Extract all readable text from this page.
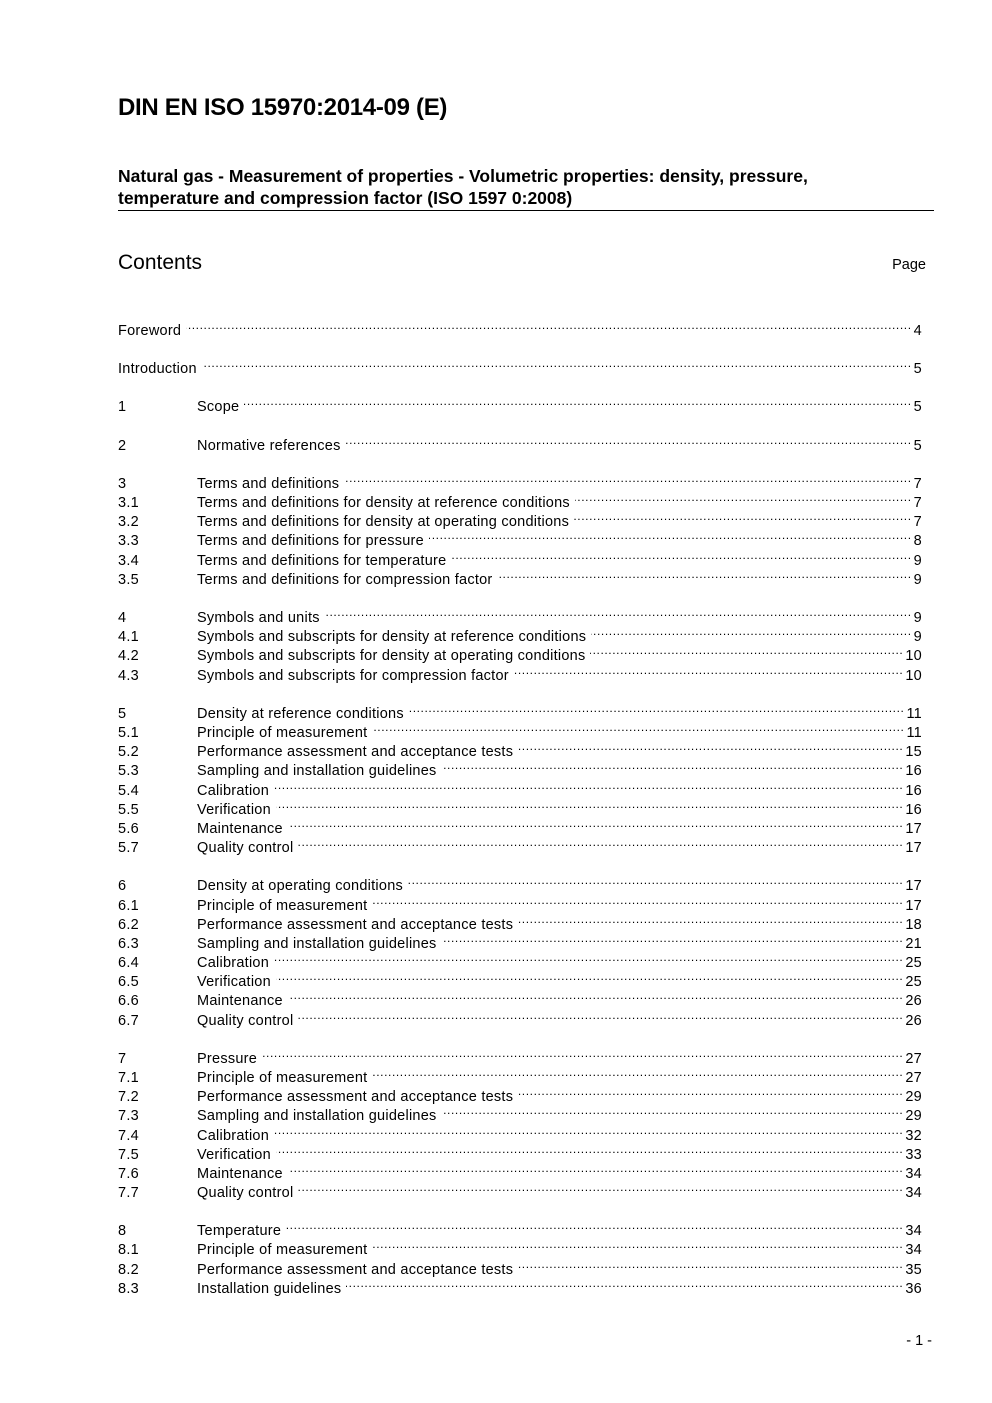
DIN EN ISO 15970:2014-09 (E)
Natural gas - Measurement of properties - Volumetric properties: density, pressure,
temperature and compression factor (ISO 1597 0:2008)
Contents	Page
Foreword .....	4
Introduction .....	5
1	Scope .....	5
2	Normative references .....	5
3	Terms and definitions .....	7
3.1	Terms and definitions for density at reference conditions .....	7
3.2	Terms and definitions for density at operating conditions .....	7
3.3	Terms and definitions for pressure .....	8
3.4	Terms and definitions for temperature .....	9
3.5	Terms and definitions for compression factor .....	9
4	Symbols and units .....	9
4.1	Symbols and subscripts for density at reference conditions .....	9
4.2	Symbols and subscripts for density at operating conditions .....	10
4.3	Symbols and subscripts for compression factor .....	10
5	Density at reference conditions .....	11
5.1	Principle of measurement .....	11
5.2	Performance assessment and acceptance tests .....	15
5.3	Sampling and installation guidelines .....	16
5.4	Calibration .....	16
5.5	Verification .....	16
5.6	Maintenance .....	17
5.7	Quality control .....	17
6	Density at operating conditions .....	17
6.1	Principle of measurement .....	17
6.2	Performance assessment and acceptance tests .....	18
6.3	Sampling and installation guidelines .....	21
6.4	Calibration .....	25
6.5	Verification .....	25
6.6	Maintenance .....	26
6.7	Quality control .....	26
7	Pressure .....	27
7.1	Principle of measurement .....	27
7.2	Performance assessment and acceptance tests .....	29
7.3	Sampling and installation guidelines .....	29
7.4	Calibration .....	32
7.5	Verification .....	33
7.6	Maintenance .....	34
7.7	Quality control .....	34
8	Temperature .....	34
8.1	Principle of measurement .....	34
8.2	Performance assessment and acceptance tests .....	35
8.3	Installation guidelines .....	36
- 1 -
